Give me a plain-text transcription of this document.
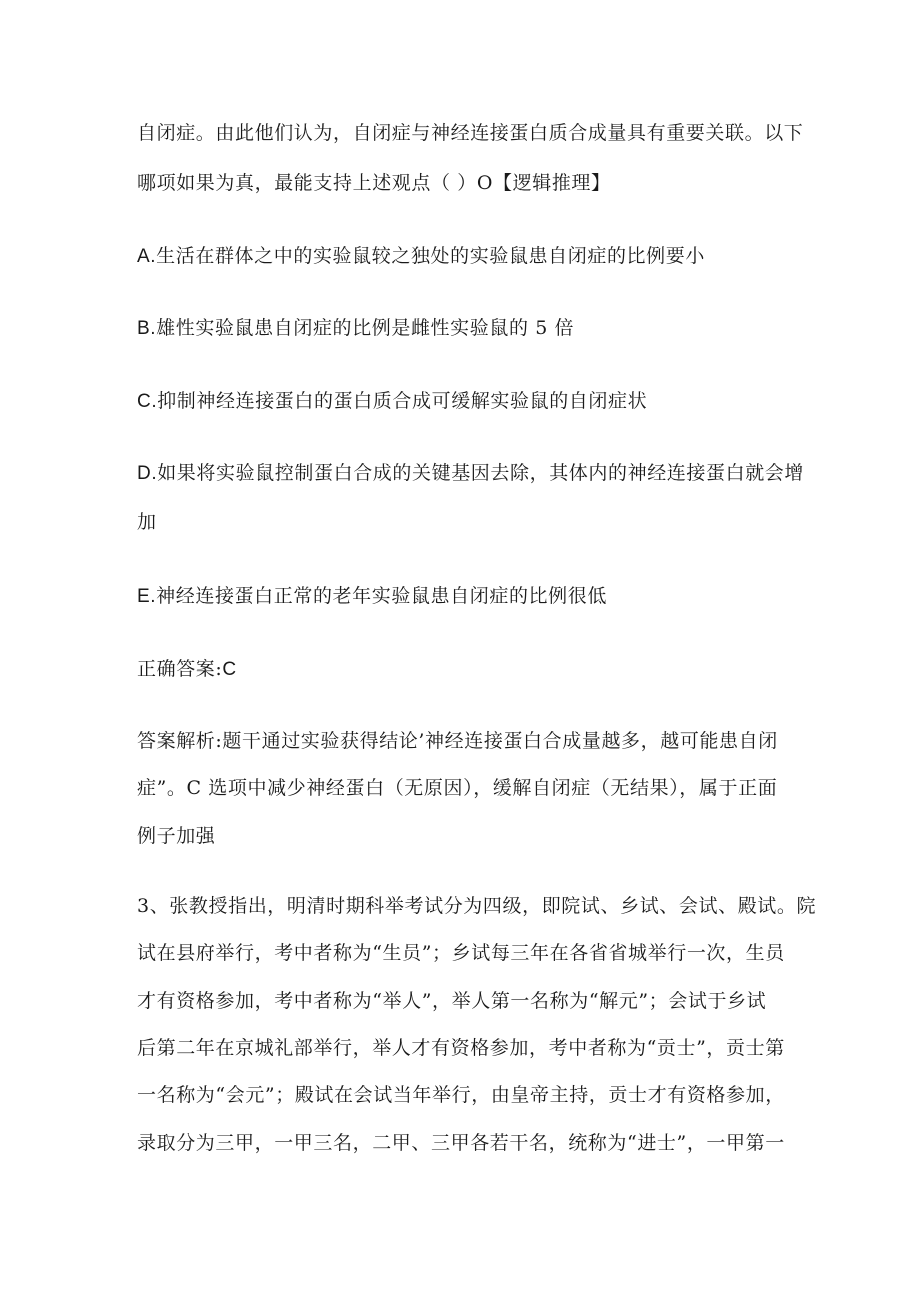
自闭症。由此他们认为，自闭症与神经连接蛋白质合成量具有重要关联。以下
哪项如果为真，最能支持上述观点（ ）O【逻辑推理】
A.生活在群体之中的实验鼠较之独处的实验鼠患自闭症的比例要小
B.雄性实验鼠患自闭症的比例是雌性实验鼠的 5 倍
C.抑制神经连接蛋白的蛋白质合成可缓解实验鼠的自闭症状
D.如果将实验鼠控制蛋白合成的关键基因去除，其体内的神经连接蛋白就会增
加
E.神经连接蛋白正常的老年实验鼠患自闭症的比例很低
正确答案:C
答案解析:题干通过实验获得结论’神经连接蛋白合成量越多，越可能患自闭
症”。C 选项中减少神经蛋白（无原因），缓解自闭症（无结果），属于正面
例子加强
3、张教授指出，明清时期科举考试分为四级，即院试、乡试、会试、殿试。院
试在县府举行，考中者称为“生员”；乡试每三年在各省省城举行一次，生员
才有资格参加，考中者称为“举人”，举人第一名称为“解元”；会试于乡试
后第二年在京城礼部举行，举人才有资格参加，考中者称为“贡士”，贡士第
一名称为“会元”；殿试在会试当年举行，由皇帝主持，贡士才有资格参加，
录取分为三甲，一甲三名，二甲、三甲各若干名，统称为“进士”，一甲第一
